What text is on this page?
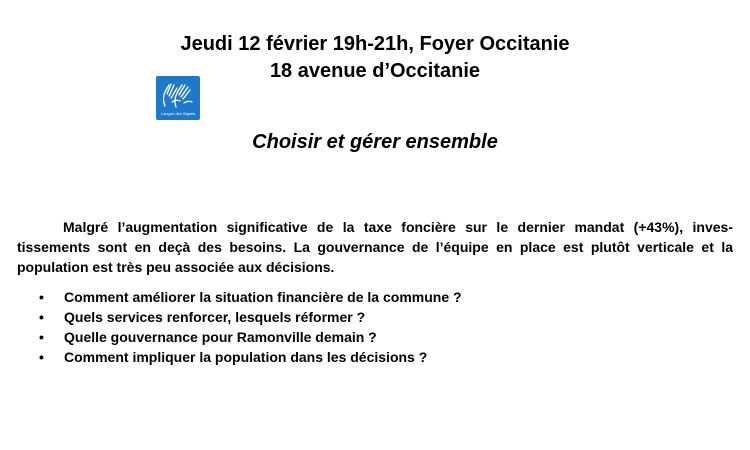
Jeudi 12 février 19h-21h, Foyer Occitanie
18 avenue d’Occitanie
Langue des Signes
Choisir et gérer ensemble

Malgré l’augmentation significative de la taxe foncière sur le dernier mandat (+43%), inves-tissements sont en deçà des besoins. La gouvernance de l’équipe en place est plutôt verticale et la population est très peu associée aux décisions.

• Comment améliorer la situation financière de la commune ?
• Quels services renforcer, lesquels réformer ?
• Quelle gouvernance pour Ramonville demain ?
• Comment impliquer la population dans les décisions ?
